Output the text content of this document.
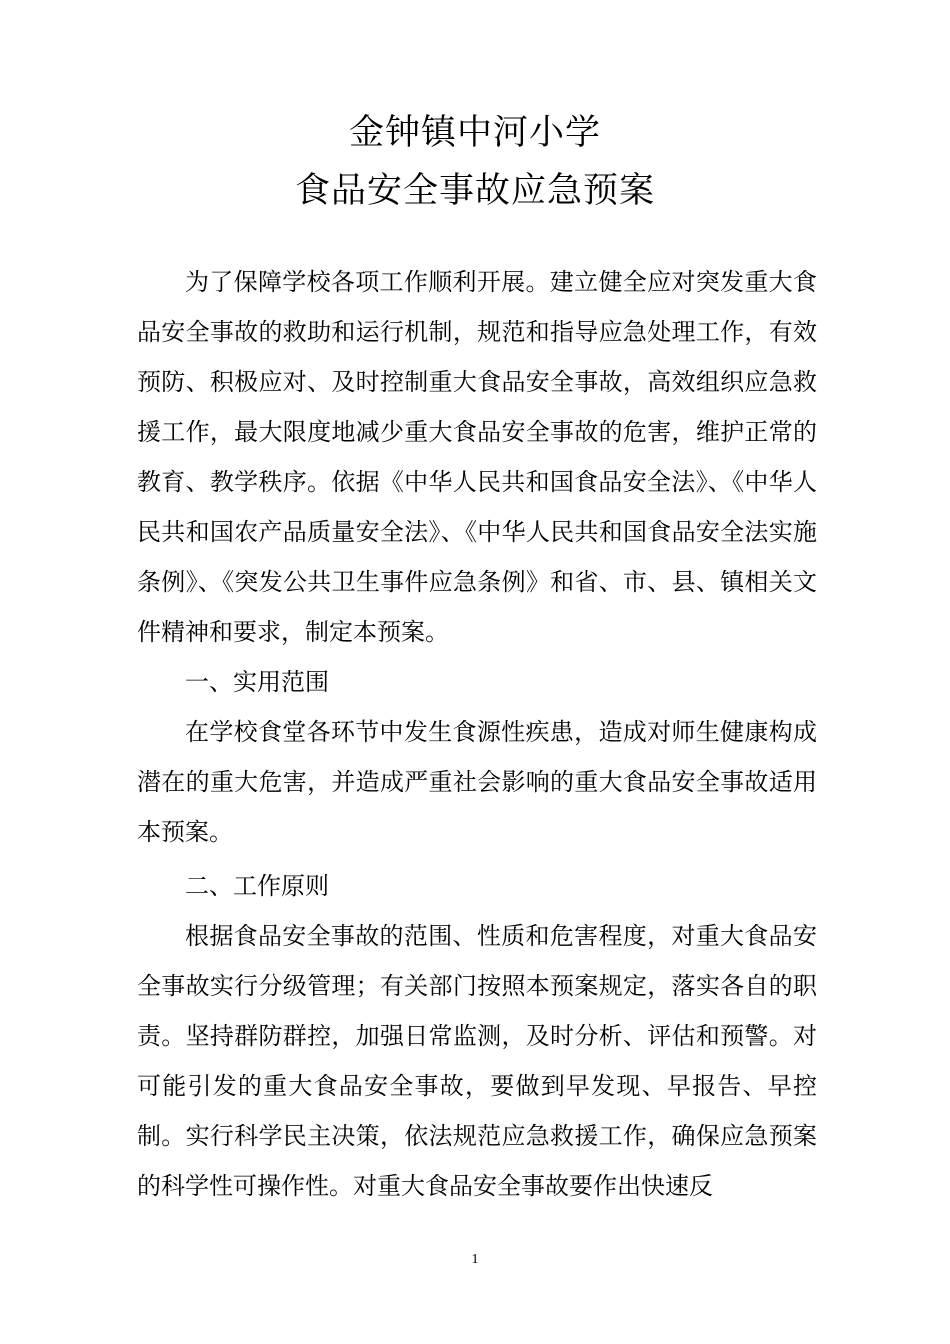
金钟镇中河小学
食品安全事故应急预案

为了保障学校各项工作顺利开展。建立健全应对突发重大食品安全事故的救助和运行机制，规范和指导应急处理工作，有效预防、积极应对、及时控制重大食品安全事故，高效组织应急救援工作，最大限度地减少重大食品安全事故的危害，维护正常的教育、教学秩序。依据《中华人民共和国食品安全法》、《中华人民共和国农产品质量安全法》、《中华人民共和国食品安全法实施条例》、《突发公共卫生事件应急条例》和省、市、县、镇相关文件精神和要求，制定本预案。

一、实用范围

在学校食堂各环节中发生食源性疾患，造成对师生健康构成潜在的重大危害，并造成严重社会影响的重大食品安全事故适用本预案。

二、工作原则

根据食品安全事故的范围、性质和危害程度，对重大食品安全事故实行分级管理；有关部门按照本预案规定，落实各自的职责。坚持群防群控，加强日常监测，及时分析、评估和预警。对可能引发的重大食品安全事故，要做到早发现、早报告、早控制。实行科学民主决策，依法规范应急救援工作，确保应急预案的科学性可操作性。对重大食品安全事故要作出快速反

1
